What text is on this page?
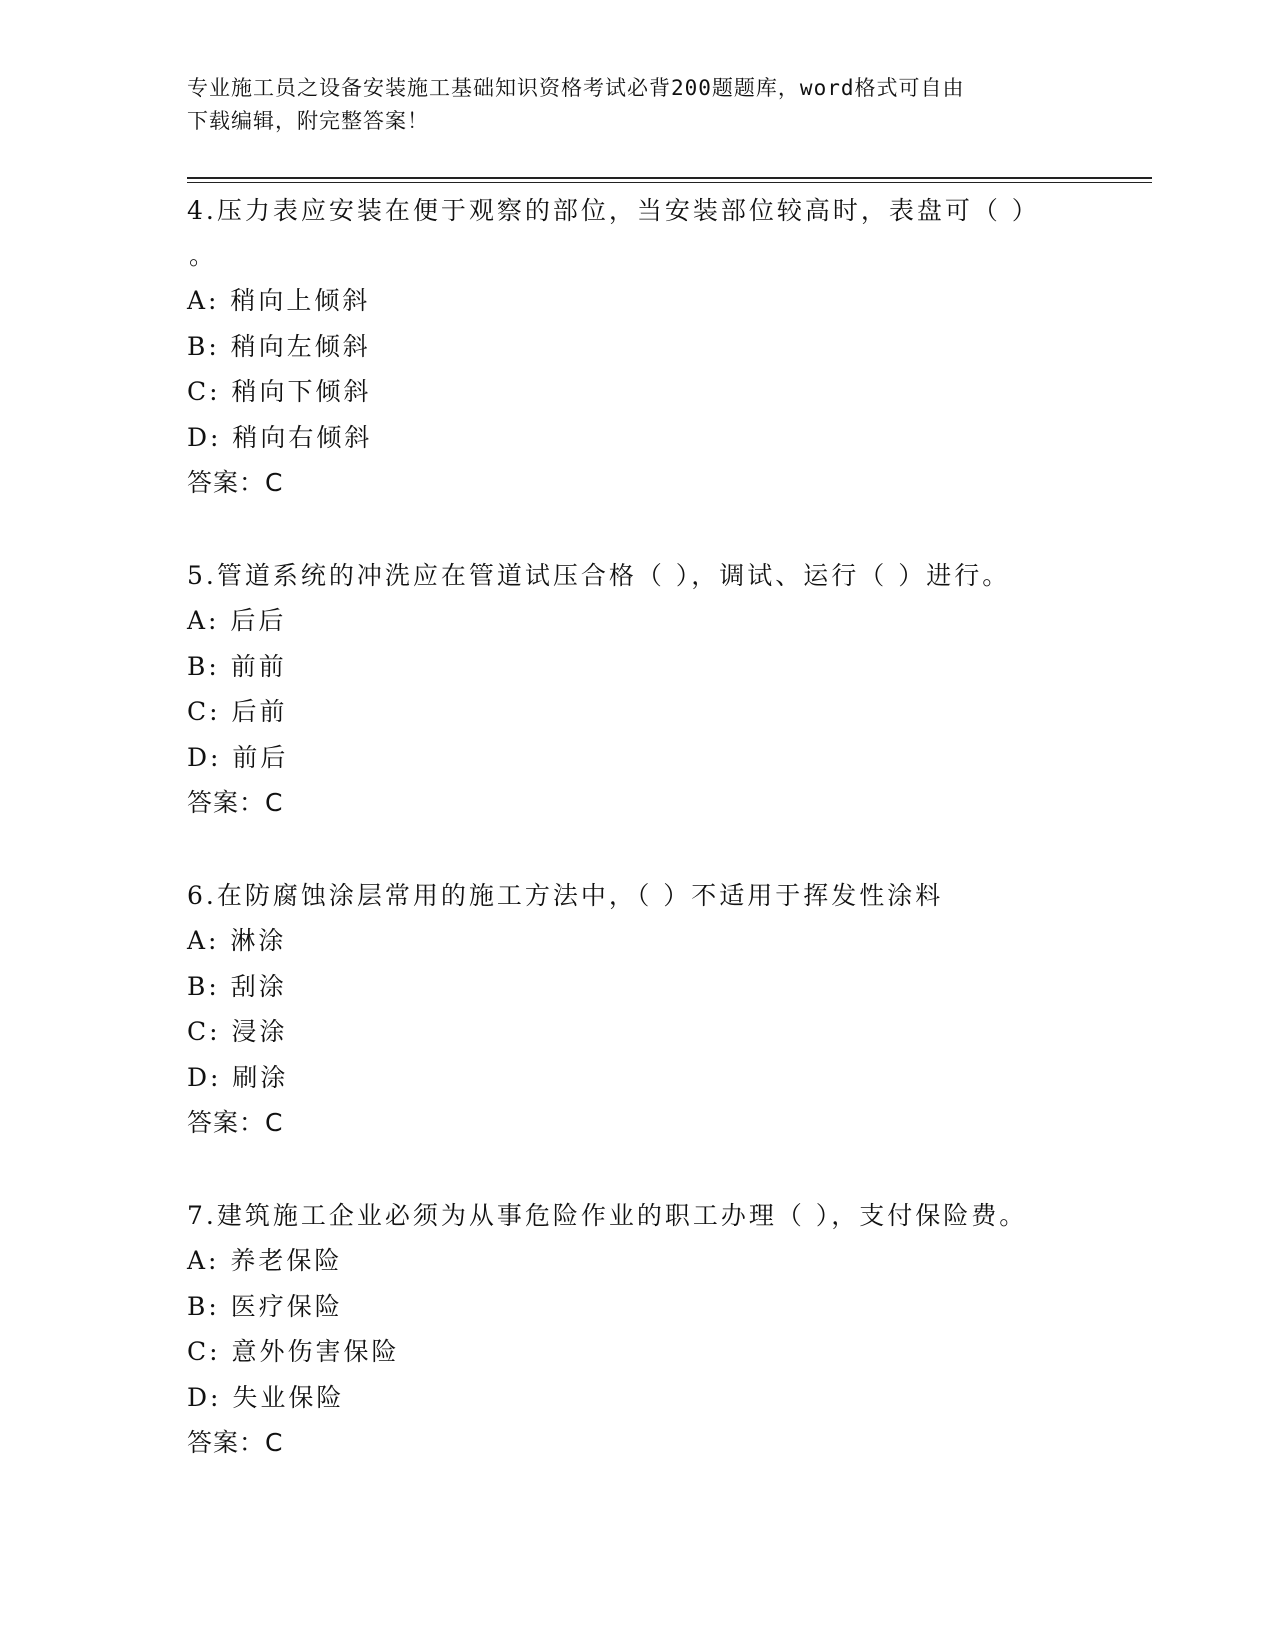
专业施工员之设备安装施工基础知识资格考试必背200题题库，word格式可自由
下载编辑，附完整答案！

4.压力表应安装在便于观察的部位，当安装部位较高时，表盘可（ ）

。

A: 稍向上倾斜

B: 稍向左倾斜

C: 稍向下倾斜

D: 稍向右倾斜

答案：C

5.管道系统的冲洗应在管道试压合格（ ），调试、运行（ ）进行。

A: 后后

B: 前前

C: 后前

D: 前后

答案：C

6.在防腐蚀涂层常用的施工方法中，（ ）不适用于挥发性涂料

A: 淋涂

B: 刮涂

C: 浸涂

D: 刷涂

答案：C

7.建筑施工企业必须为从事危险作业的职工办理（ ），支付保险费。

A: 养老保险

B: 医疗保险

C: 意外伤害保险

D: 失业保险

答案：C
